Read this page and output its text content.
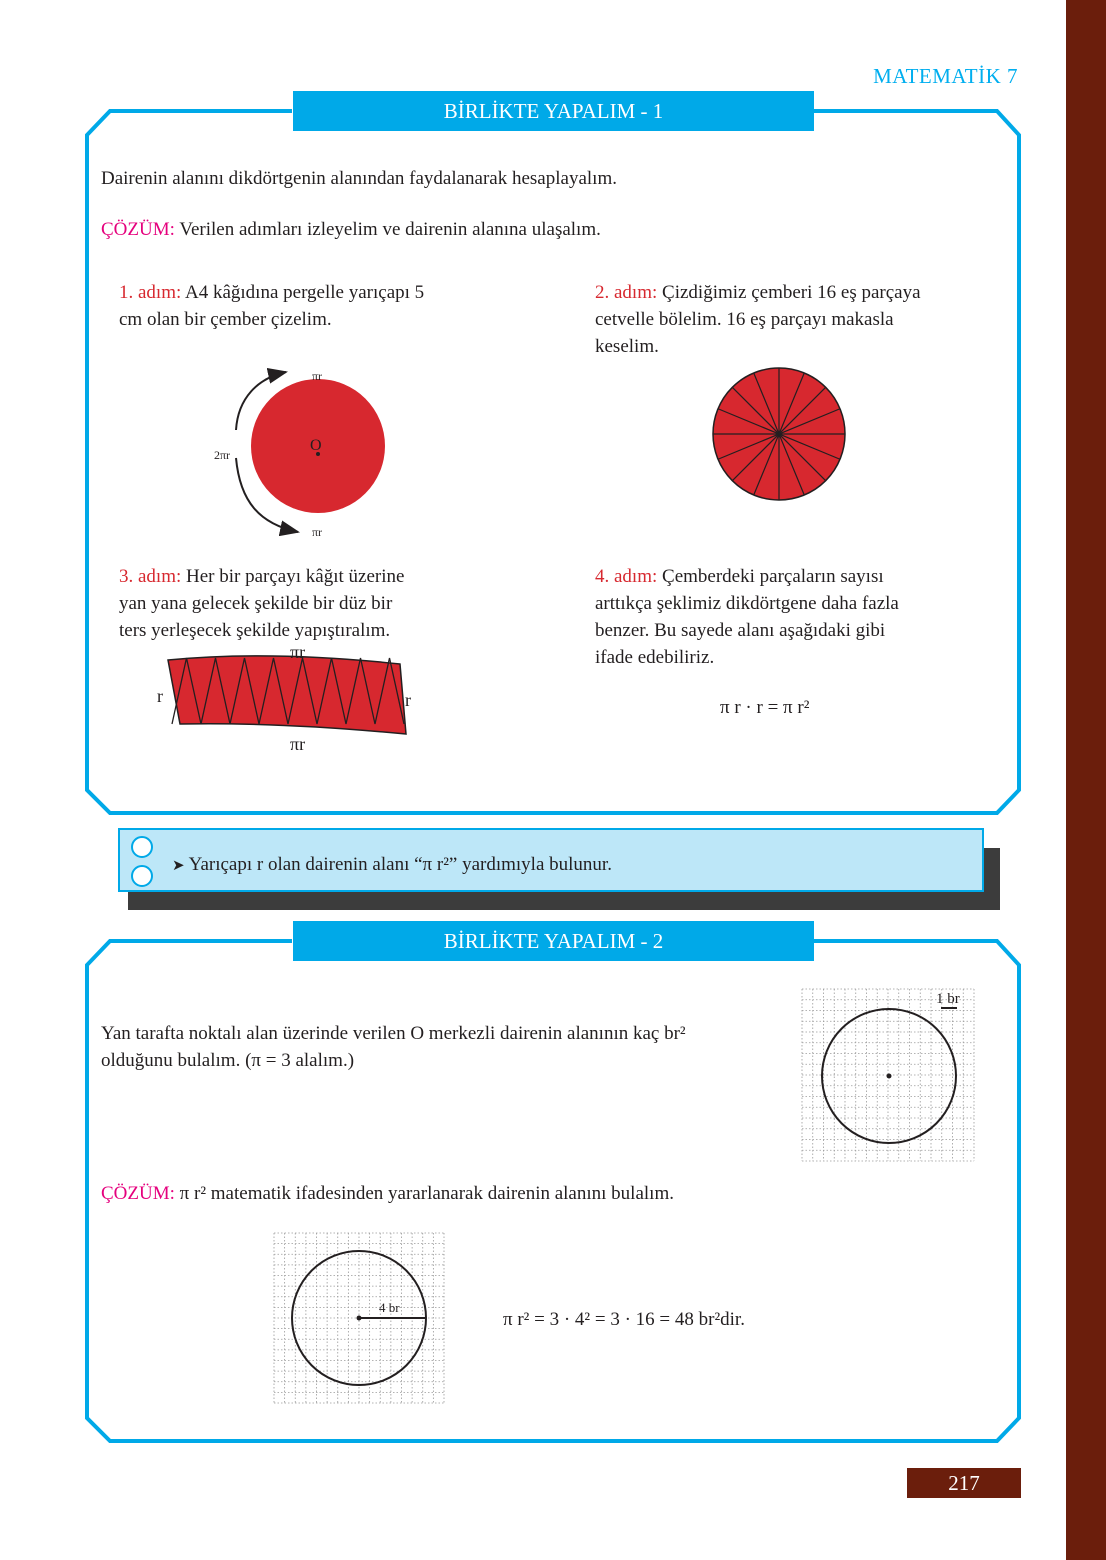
MATEMATİK 7
BİRLİKTE YAPALIM - 1
Dairenin alanını dikdörtgenin alanından faydalanarak hesaplayalım.
ÇÖZÜM: Verilen adımları izleyelim ve dairenin alanına ulaşalım.
1. adım: A4 kâğıdına pergelle yarıçapı 5
cm olan bir çember çizelim.
2. adım: Çizdiğimiz çemberi 16 eş parçaya
cetvelle bölelim. 16 eş parçayı makasla
keselim.
πr
2πr
πr
O
3. adım: Her bir parçayı kâğıt üzerine
yan yana gelecek şekilde bir düz bir
ters yerleşecek şekilde yapıştıralım.
4. adım: Çemberdeki parçaların sayısı
arttıkça şeklimiz dikdörtgene daha fazla
benzer. Bu sayede alanı aşağıdaki gibi
ifade edebiliriz.
πr
πr
r	r	π r · r = π r²
➤ Yarıçapı r olan dairenin alanı “π r²” yardımıyla bulunur.
BİRLİKTE YAPALIM - 2
Yan tarafta noktalı alan üzerinde verilen O merkezli dairenin alanının kaç br²
olduğunu bulalım. (π = 3 alalım.)
1 br
ÇÖZÜM: π r² matematik ifadesinden yararlanarak dairenin alanını bulalım.
4 br
π r² = 3 · 4² = 3 · 16 = 48 br²dir.
217
